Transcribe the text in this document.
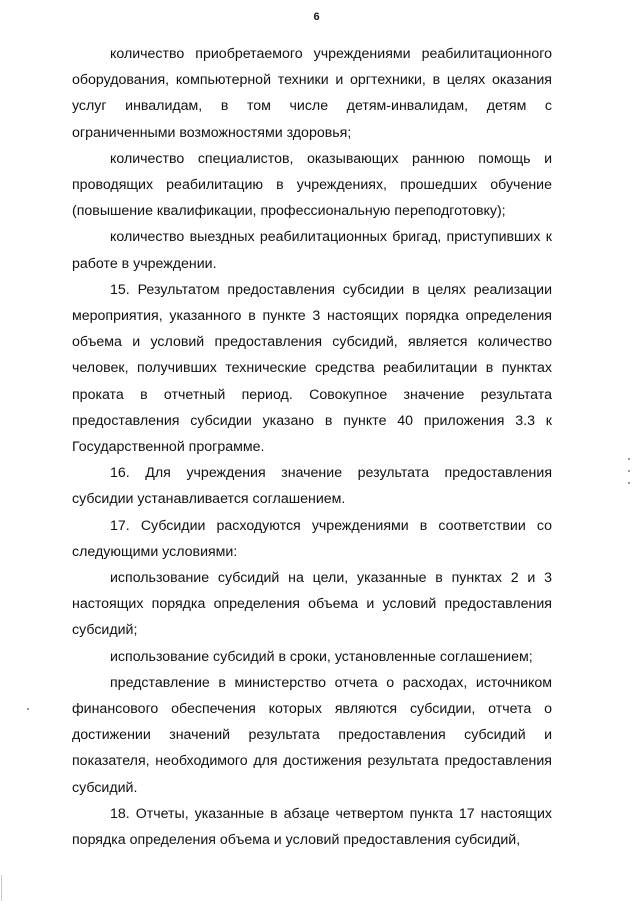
6

количество приобретаемого учреждениями реабилитационного оборудования, компьютерной техники и оргтехники, в целях оказания услуг инвалидам, в том числе детям-инвалидам, детям с ограниченными возможностями здоровья;

количество специалистов, оказывающих раннюю помощь и проводящих реабилитацию в учреждениях, прошедших обучение (повышение квалификации, профессиональную переподготовку);

количество выездных реабилитационных бригад, приступивших к работе в учреждении.

15. Результатом предоставления субсидии в целях реализации мероприятия, указанного в пункте 3 настоящих порядка определения объема и условий предоставления субсидий, является количество человек, получивших технические средства реабилитации в пунктах проката в отчетный период. Совокупное значение результата предоставления субсидии указано в пункте 40 приложения 3.3 к Государственной программе.

16. Для учреждения значение результата предоставления субсидии устанавливается соглашением.

17. Субсидии расходуются учреждениями в соответствии со следующими условиями:

использование субсидий на цели, указанные в пунктах 2 и 3 настоящих порядка определения объема и условий предоставления субсидий;

использование субсидий в сроки, установленные соглашением;

представление в министерство отчета о расходах, источником финансового обеспечения которых являются субсидии, отчета о достижении значений результата предоставления субсидий и показателя, необходимого для достижения результата предоставления субсидий.

18. Отчеты, указанные в абзаце четвертом пункта 17 настоящих порядка определения объема и условий предоставления субсидий,
